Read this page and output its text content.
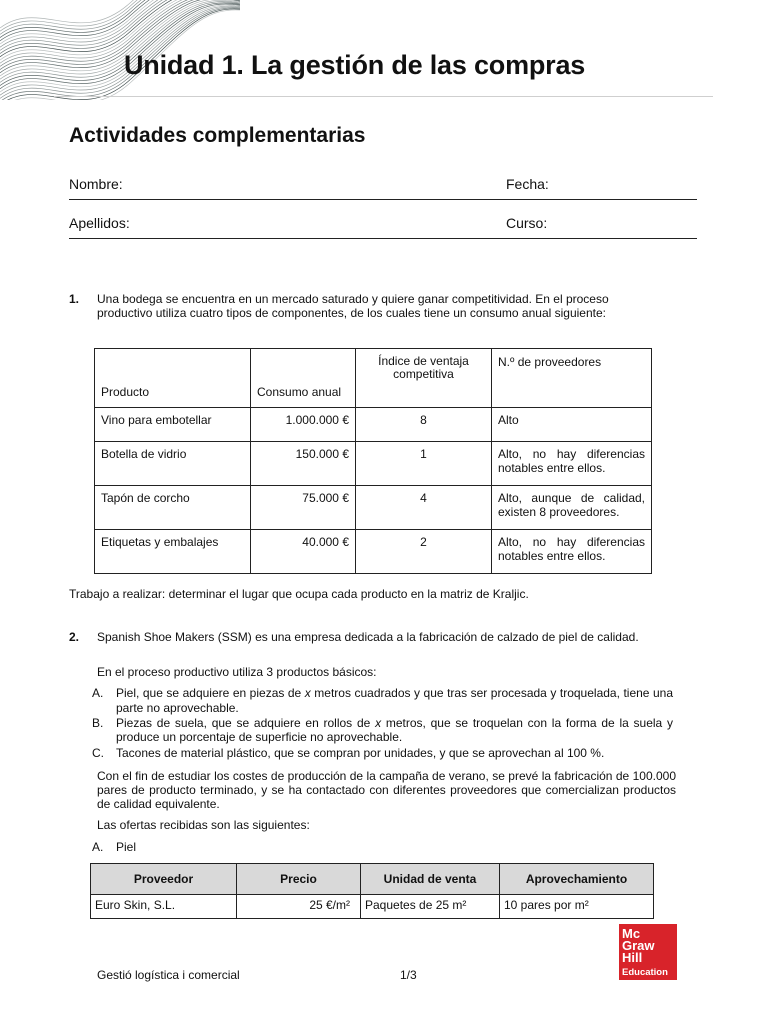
Unidad 1. La gestión de las compras
Actividades complementarias
Nombre:	Fecha:
Apellidos:	Curso:
1. Una bodega se encuentra en un mercado saturado y quiere ganar competitividad. En el proceso productivo utiliza cuatro tipos de componentes, de los cuales tiene un consumo anual siguiente:
Producto	Consumo anual	Índice de ventaja competitiva	N.º de proveedores
Vino para embotellar	1.000.000 €	8	Alto
Botella de vidrio	150.000 €	1	Alto, no hay diferencias notables entre ellos.
Tapón de corcho	75.000 €	4	Alto, aunque de calidad, existen 8 proveedores.
Etiquetas y embalajes	40.000 €	2	Alto, no hay diferencias notables entre ellos.
Trabajo a realizar: determinar el lugar que ocupa cada producto en la matriz de Kraljic.
2. Spanish Shoe Makers (SSM) es una empresa dedicada a la fabricación de calzado de piel de calidad.
En el proceso productivo utiliza 3 productos básicos:
A. Piel, que se adquiere en piezas de x metros cuadrados y que tras ser procesada y troquelada, tiene una parte no aprovechable.
B. Piezas de suela, que se adquiere en rollos de x metros, que se troquelan con la forma de la suela y produce un porcentaje de superficie no aprovechable.
C. Tacones de material plástico, que se compran por unidades, y que se aprovechan al 100 %.
Con el fin de estudiar los costes de producción de la campaña de verano, se prevé la fabricación de 100.000 pares de producto terminado, y se ha contactado con diferentes proveedores que comercializan productos de calidad equivalente.
Las ofertas recibidas son las siguientes:
A. Piel
Proveedor	Precio	Unidad de venta	Aprovechamiento
Euro Skin, S.L.	25 €/m²	Paquetes de 25 m²	10 pares por m²
Mc
Graw
Hill
Education
Gestió logística i comercial	1/3
